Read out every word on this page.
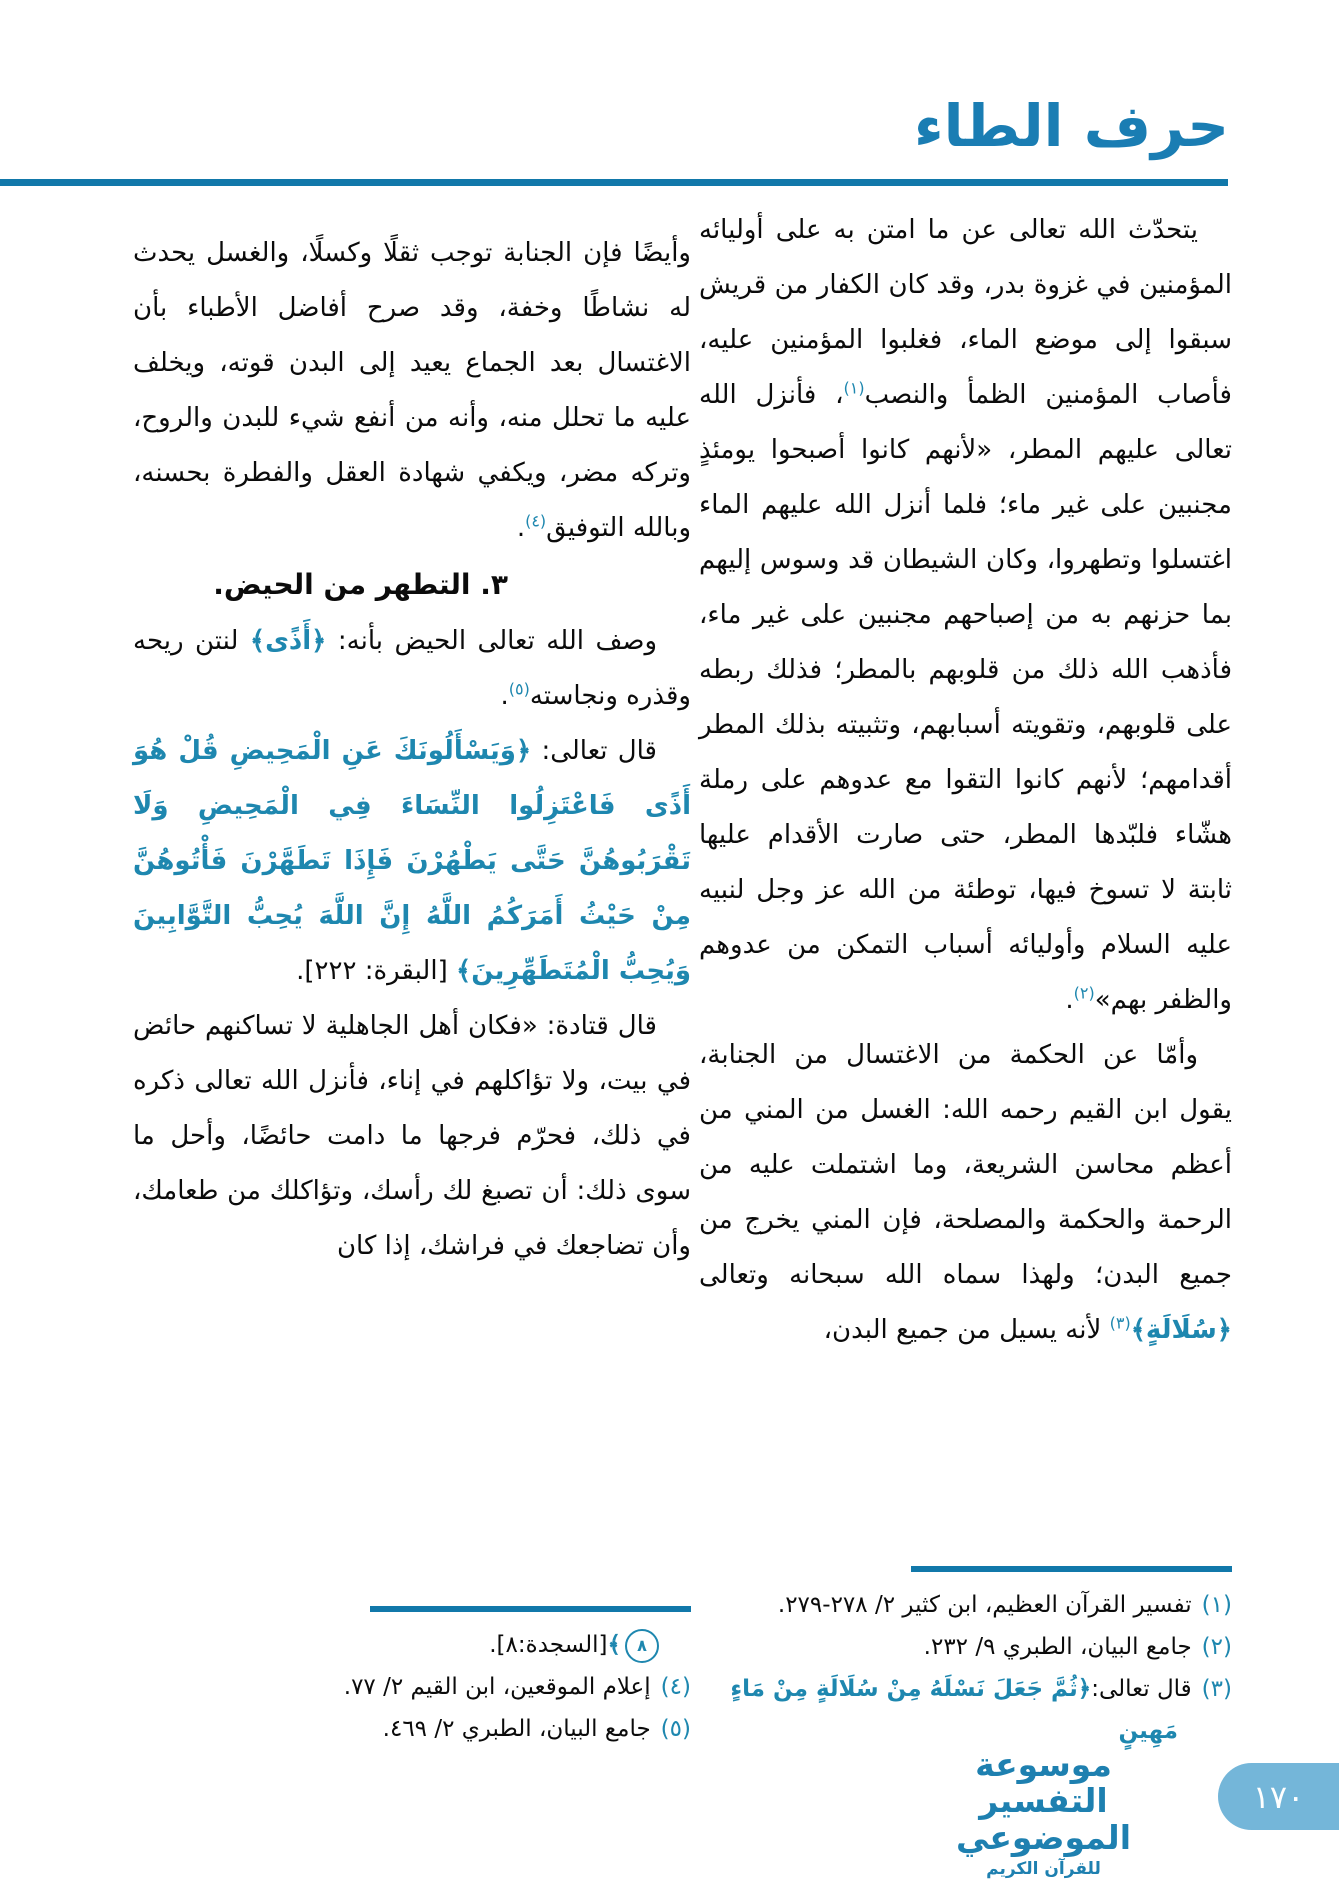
حرف الطاء

يتحدّث الله تعالى عن ما امتن به على أوليائه المؤمنين في غزوة بدر، وقد كان الكفار من قريش سبقوا إلى موضع الماء، فغلبوا المؤمنين عليه، فأصاب المؤمنين الظمأ والنصب$^{(١)}$، فأنزل الله تعالى عليهم المطر، «لأنهم كانوا أصبحوا يومئذٍ مجنبين على غير ماء؛ فلما أنزل الله عليهم الماء اغتسلوا وتطهروا، وكان الشيطان قد وسوس إليهم بما حزنهم به من إصباحهم مجنبين على غير ماء، فأذهب الله ذلك من قلوبهم بالمطر؛ فذلك ربطه على قلوبهم، وتقويته أسبابهم، وتثبيته بذلك المطر أقدامهم؛ لأنهم كانوا التقوا مع عدوهم على رملة هشّاء فلبّدها المطر، حتى صارت الأقدام عليها ثابتة لا تسوخ فيها، توطئة من الله عز وجل لنبيه عليه السلام وأوليائه أسباب التمكن من عدوهم والظفر بهم»$^{(٢)}$.

وأمّا عن الحكمة من الاغتسال من الجنابة، يقول ابن القيم رحمه الله: الغسل من المني من أعظم محاسن الشريعة، وما اشتملت عليه من الرحمة والحكمة والمصلحة، فإن المني يخرج من جميع البدن؛ ولهذا سماه الله سبحانه وتعالى ﴿سُلَالَةٍ﴾$^{(٣)}$ لأنه يسيل من جميع البدن،

وأيضًا فإن الجنابة توجب ثقلًا وكسلًا، والغسل يحدث له نشاطًا وخفة، وقد صرح أفاضل الأطباء بأن الاغتسال بعد الجماع يعيد إلى البدن قوته، ويخلف عليه ما تحلل منه، وأنه من أنفع شيء للبدن والروح، وتركه مضر، ويكفي شهادة العقل والفطرة بحسنه، وبالله التوفيق$^{(٤)}$.

٣. التطهر من الحيض.

وصف الله تعالى الحيض بأنه: ﴿أَذًى﴾ لنتن ريحه وقذره ونجاسته$^{(٥)}$.

قال تعالى: ﴿وَيَسْأَلُونَكَ عَنِ الْمَحِيضِ قُلْ هُوَ أَذًى فَاعْتَزِلُوا النِّسَاءَ فِي الْمَحِيضِ وَلَا تَقْرَبُوهُنَّ حَتَّى يَطْهُرْنَ فَإِذَا تَطَهَّرْنَ فَأْتُوهُنَّ مِنْ حَيْثُ أَمَرَكُمُ اللَّهُ إِنَّ اللَّهَ يُحِبُّ التَّوَّابِينَ وَيُحِبُّ الْمُتَطَهِّرِينَ﴾ [البقرة: ٢٢٢].

قال قتادة: «فكان أهل الجاهلية لا تساكنهم حائض في بيت، ولا تؤاكلهم في إناء، فأنزل الله تعالى ذكره في ذلك، فحرّم فرجها ما دامت حائضًا، وأحل ما سوى ذلك: أن تصبغ لك رأسك، وتؤاكلك من طعامك، وأن تضاجعك في فراشك، إذا كان

(١)تفسير القرآن العظيم، ابن كثير ٢/ ٢٧٨-٢٧٩.

(٢)جامع البيان، الطبري ٩/ ٢٣٢.

(٣)قال تعالى:﴿ثُمَّ جَعَلَ نَسْلَهُ مِنْ سُلَالَةٍ مِنْ مَاءٍ مَهِينٍ

٨
﴾[السجدة:٨].

(٤)إعلام الموقعين، ابن القيم ٢/ ٧٧.

(٥)جامع البيان، الطبري ٢/ ٤٦٩.

موسوعة التفسير الموضوعي
للقرآن الكريم
١٧٠
